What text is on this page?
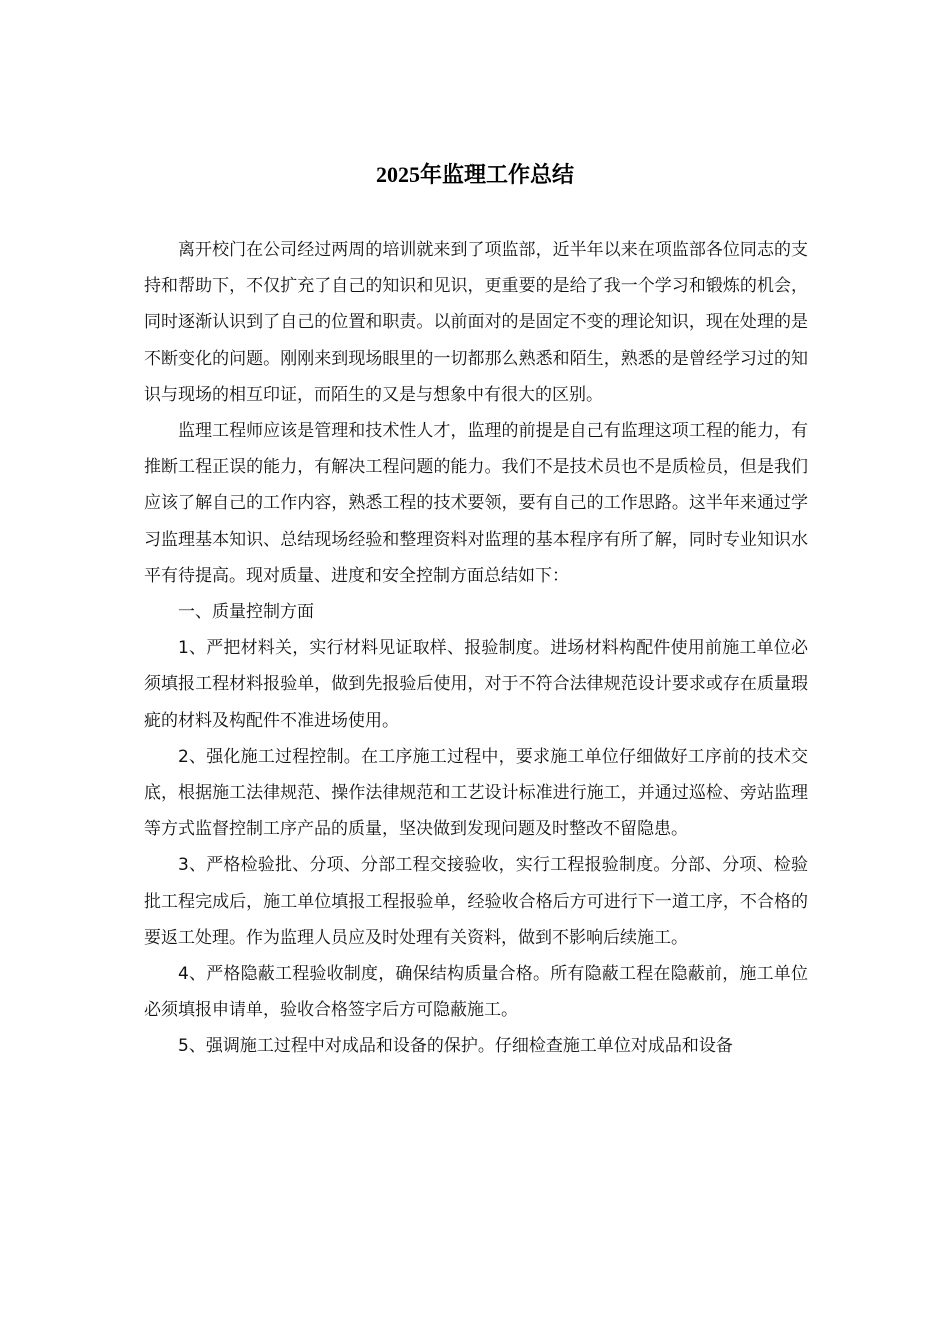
2025年监理工作总结

离开校门在公司经过两周的培训就来到了项监部，近半年以来在项监部各位同志的支持和帮助下，不仅扩充了自己的知识和见识，更重要的是给了我一个学习和锻炼的机会，同时逐渐认识到了自己的位置和职责。以前面对的是固定不变的理论知识，现在处理的是不断变化的问题。刚刚来到现场眼里的一切都那么熟悉和陌生，熟悉的是曾经学习过的知识与现场的相互印证，而陌生的又是与想象中有很大的区别。

监理工程师应该是管理和技术性人才，监理的前提是自己有监理这项工程的能力，有推断工程正误的能力，有解决工程问题的能力。我们不是技术员也不是质检员，但是我们应该了解自己的工作内容，熟悉工程的技术要领，要有自己的工作思路。这半年来通过学习监理基本知识、总结现场经验和整理资料对监理的基本程序有所了解，同时专业知识水平有待提高。现对质量、进度和安全控制方面总结如下：

一、质量控制方面

1、严把材料关，实行材料见证取样、报验制度。进场材料构配件使用前施工单位必须填报工程材料报验单，做到先报验后使用，对于不符合法律规范设计要求或存在质量瑕疵的材料及构配件不准进场使用。

2、强化施工过程控制。在工序施工过程中，要求施工单位仔细做好工序前的技术交底，根据施工法律规范、操作法律规范和工艺设计标准进行施工，并通过巡检、旁站监理等方式监督控制工序产品的质量，坚决做到发现问题及时整改不留隐患。

3、严格检验批、分项、分部工程交接验收，实行工程报验制度。分部、分项、检验批工程完成后，施工单位填报工程报验单，经验收合格后方可进行下一道工序，不合格的要返工处理。作为监理人员应及时处理有关资料，做到不影响后续施工。

4、严格隐蔽工程验收制度，确保结构质量合格。所有隐蔽工程在隐蔽前，施工单位必须填报申请单，验收合格签字后方可隐蔽施工。

5、强调施工过程中对成品和设备的保护。仔细检查施工单位对成品和设备
